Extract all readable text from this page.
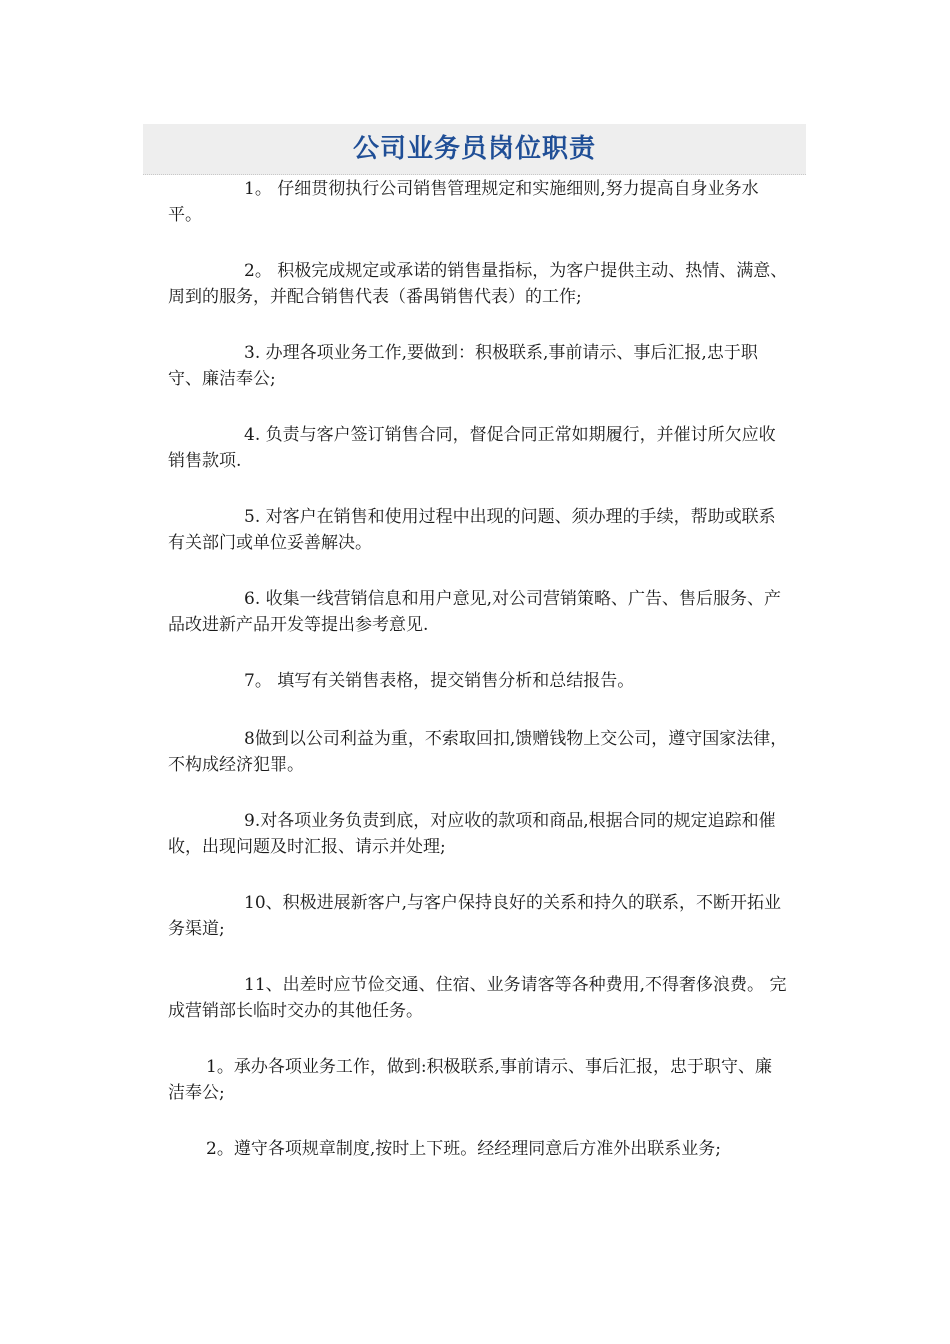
公司业务员岗位职责

1。 仔细贯彻执行公司销售管理规定和实施细则,努力提高自身业务水平。

2。 积极完成规定或承诺的销售量指标，为客户提供主动、热情、满意、周到的服务，并配合销售代表（番禺销售代表）的工作;

3. 办理各项业务工作,要做到：积极联系,事前请示、事后汇报,忠于职守、廉洁奉公;

4. 负责与客户签订销售合同，督促合同正常如期履行，并催讨所欠应收销售款项.

5. 对客户在销售和使用过程中出现的问题、须办理的手续，帮助或联系有关部门或单位妥善解决。

6. 收集一线营销信息和用户意见,对公司营销策略、广告、售后服务、产品改进新产品开发等提出参考意见.

7。 填写有关销售表格，提交销售分析和总结报告。

8做到以公司利益为重，不索取回扣,馈赠钱物上交公司，遵守国家法律，不构成经济犯罪。

9.对各项业务负责到底，对应收的款项和商品,根据合同的规定追踪和催收，出现问题及时汇报、请示并处理;

10、积极进展新客户,与客户保持良好的关系和持久的联系，不断开拓业务渠道;

11、出差时应节俭交通、住宿、业务请客等各种费用,不得奢侈浪费。 完成营销部长临时交办的其他任务。

1。承办各项业务工作，做到:积极联系,事前请示、事后汇报，忠于职守、廉洁奉公;

2。遵守各项规章制度,按时上下班。经经理同意后方准外出联系业务;
